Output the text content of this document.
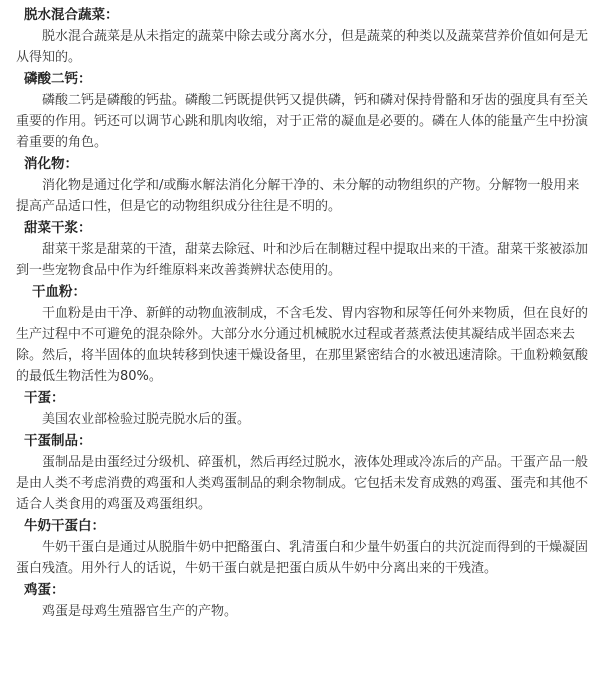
脱水混合蔬菜：

脱水混合蔬菜是从未指定的蔬菜中除去或分离水分，但是蔬菜的种类以及蔬菜营养价值如何是无从得知的。

磷酸二钙：

磷酸二钙是磷酸的钙盐。磷酸二钙既提供钙又提供磷，钙和磷对保持骨骼和牙齿的强度具有至关重要的作用。钙还可以调节心跳和肌肉收缩，对于正常的凝血是必要的。磷在人体的能量产生中扮演着重要的角色。

消化物：

消化物是通过化学和/或酶水解法消化分解干净的、未分解的动物组织的产物。分解物一般用来提高产品适口性，但是它的动物组织成分往往是不明的。

甜菜干浆：

甜菜干浆是甜菜的干渣，甜菜去除冠、叶和沙后在制糖过程中提取出来的干渣。甜菜干浆被添加到一些宠物食品中作为纤维原料来改善粪辨状态使用的。

干血粉：

干血粉是由干净、新鲜的动物血液制成，不含毛发、胃内容物和尿等任何外来物质，但在良好的生产过程中不可避免的混杂除外。大部分水分通过机械脱水过程或者蒸煮法使其凝结成半固态来去除。然后，将半固体的血块转移到快速干燥设备里，在那里紧密结合的水被迅速清除。干血粉赖氨酸的最低生物活性为80%。

干蛋：

美国农业部检验过脱壳脱水后的蛋。

干蛋制品：

蛋制品是由蛋经过分级机、碎蛋机，然后再经过脱水，液体处理或冷冻后的产品。干蛋产品一般是由人类不考虑消费的鸡蛋和人类鸡蛋制品的剩余物制成。它包括未发育成熟的鸡蛋、蛋壳和其他不适合人类食用的鸡蛋及鸡蛋组织。

牛奶干蛋白：

牛奶干蛋白是通过从脱脂牛奶中把酪蛋白、乳清蛋白和少量牛奶蛋白的共沉淀而得到的干燥凝固蛋白残渣。用外行人的话说，牛奶干蛋白就是把蛋白质从牛奶中分离出来的干残渣。

鸡蛋：

鸡蛋是母鸡生殖器官生产的产物。
